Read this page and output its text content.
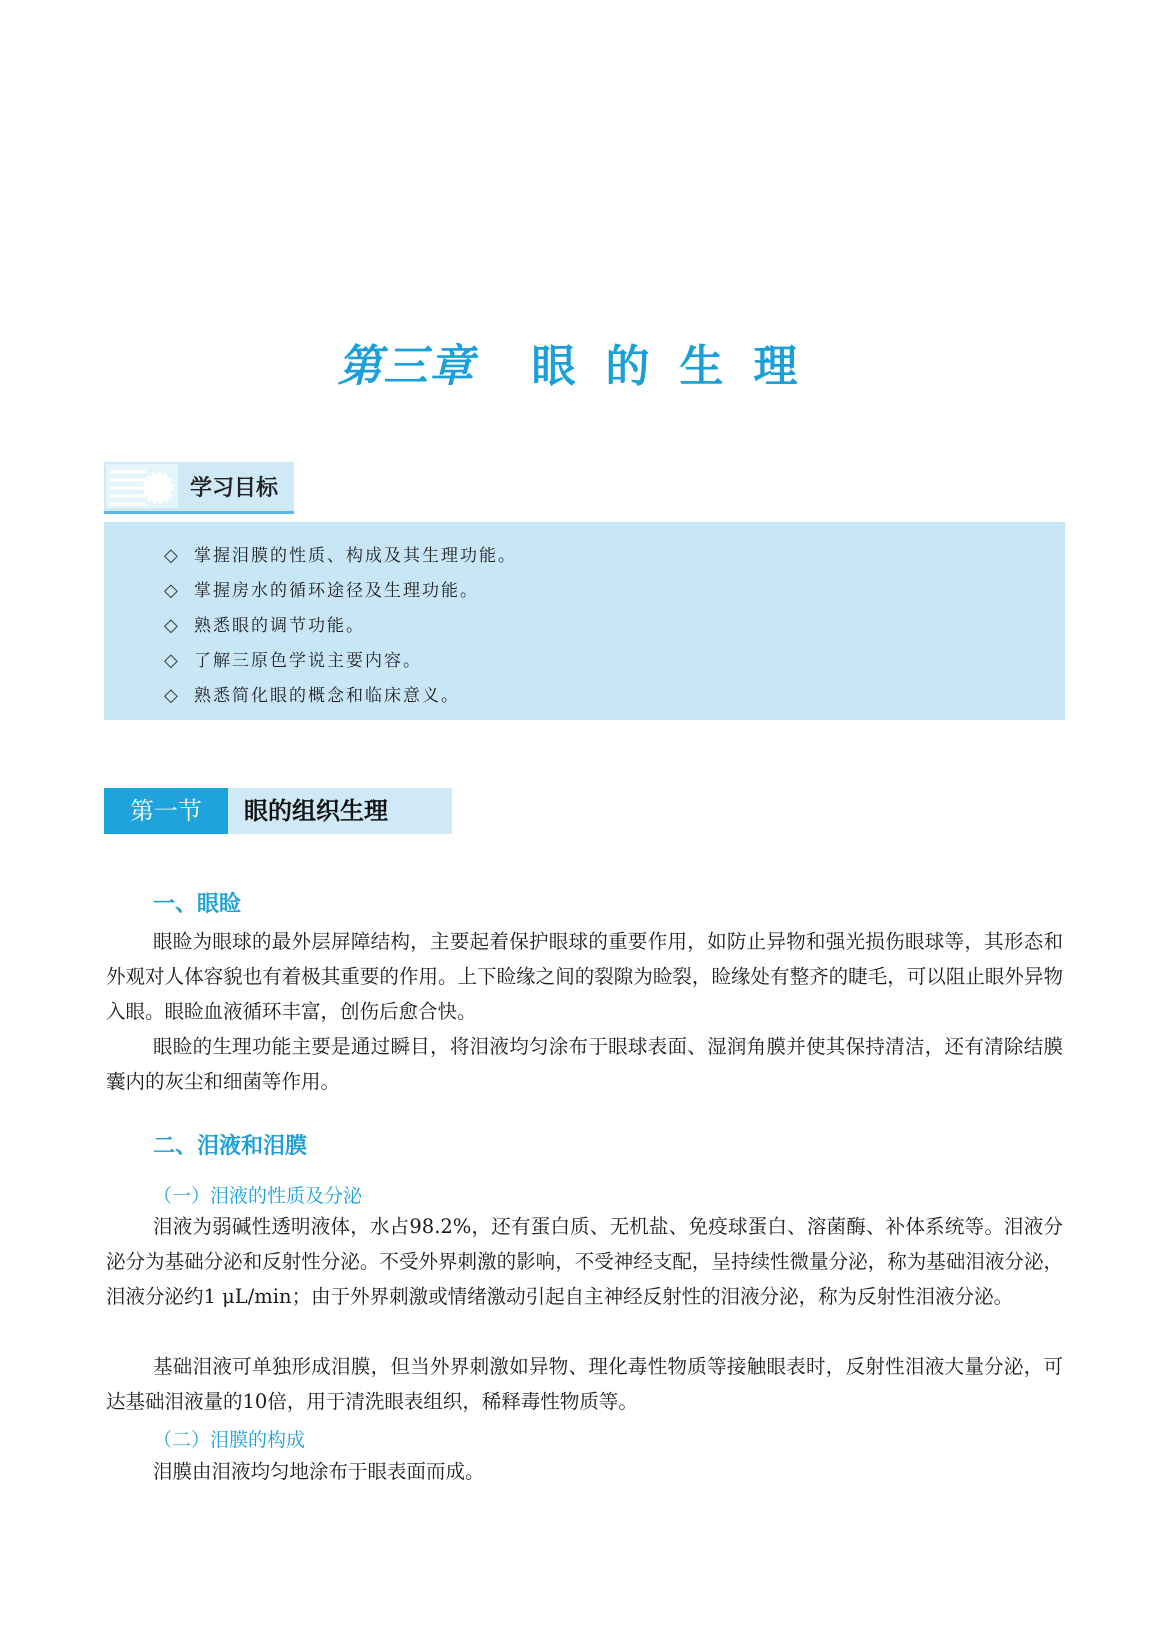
第三章 眼的生理
学习目标
◇ 掌握泪膜的性质、构成及其生理功能。
◇ 掌握房水的循环途径及生理功能。
◇ 熟悉眼的调节功能。
◇ 了解三原色学说主要内容。
◇ 熟悉简化眼的概念和临床意义。
第一节	眼的组织生理
一、眼睑

眼睑为眼球的最外层屏障结构，主要起着保护眼球的重要作用，如防止异物和强光损伤眼球等，其形态和外观对人体容貌也有着极其重要的作用。上下睑缘之间的裂隙为睑裂，睑缘处有整齐的睫毛，可以阻止眼外异物入眼。眼睑血液循环丰富，创伤后愈合快。

眼睑的生理功能主要是通过瞬目，将泪液均匀涂布于眼球表面、湿润角膜并使其保持清洁，还有清除结膜囊内的灰尘和细菌等作用。

二、泪液和泪膜
（一）泪液的性质及分泌

泪液为弱碱性透明液体，水占98.2%，还有蛋白质、无机盐、免疫球蛋白、溶菌酶、补体系统等。泪液分泌分为基础分泌和反射性分泌。不受外界刺激的影响，不受神经支配，呈持续性微量分泌，称为基础泪液分泌，泪液分泌约1 μL/min；由于外界刺激或情绪激动引起自主神经反射性的泪液分泌，称为反射性泪液分泌。

基础泪液可单独形成泪膜，但当外界刺激如异物、理化毒性物质等接触眼表时，反射性泪液大量分泌，可达基础泪液量的10倍，用于清洗眼表组织，稀释毒性物质等。

（二）泪膜的构成

泪膜由泪液均匀地涂布于眼表面而成。
